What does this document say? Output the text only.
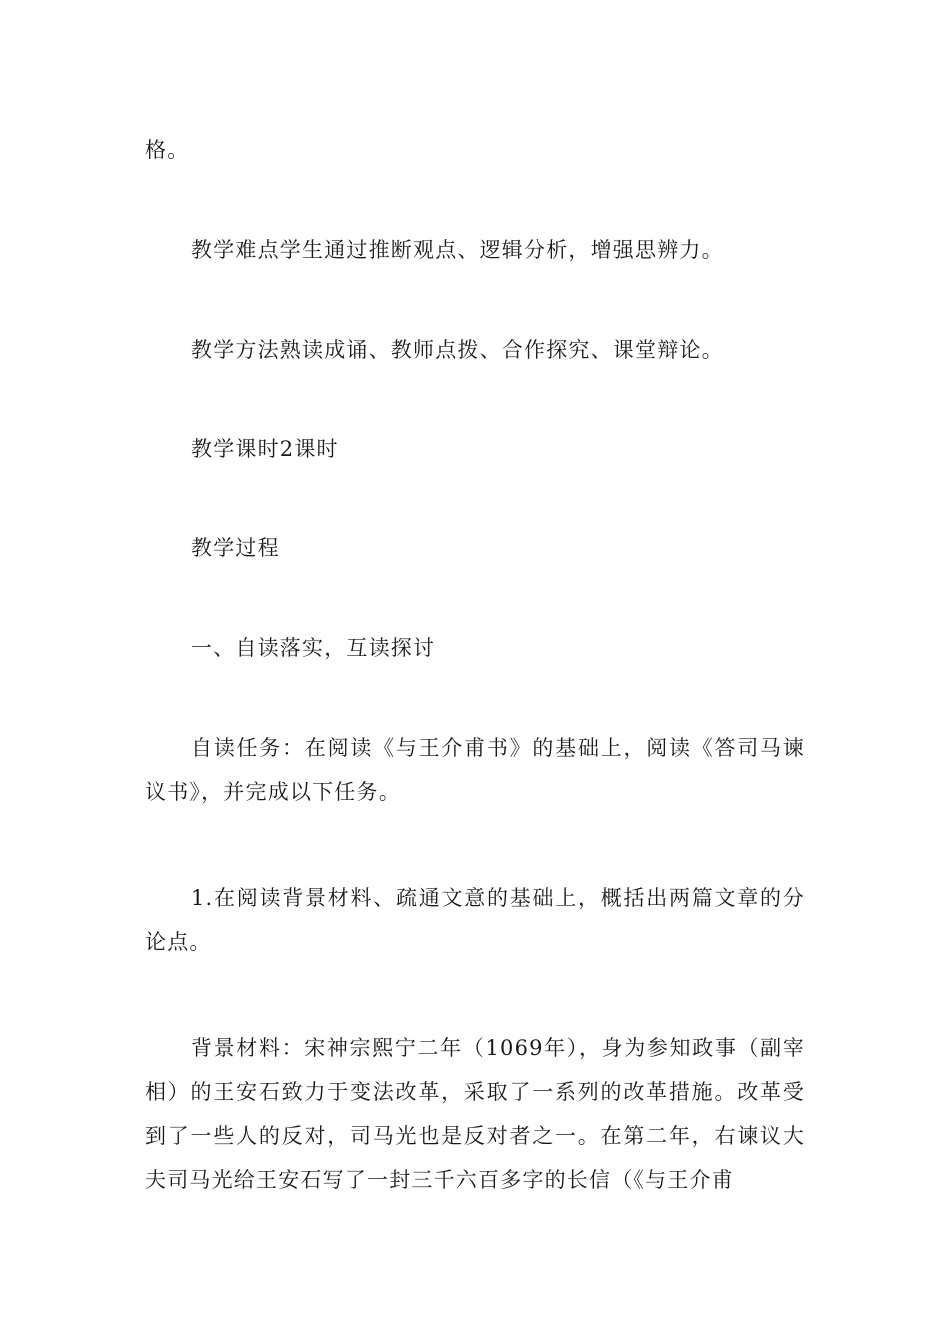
格。

教学难点学生通过推断观点、逻辑分析，增强思辨力。

教学方法熟读成诵、教师点拨、合作探究、课堂辩论。

教学课时2课时

教学过程

一、自读落实，互读探讨

自读任务：在阅读《与王介甫书》的基础上，阅读《答司马谏议书》，并完成以下任务。

1.在阅读背景材料、疏通文意的基础上，概括出两篇文章的分论点。

背景材料：宋神宗熙宁二年（1069年），身为参知政事（副宰相）的王安石致力于变法改革，采取了一系列的改革措施。改革受到了一些人的反对，司马光也是反对者之一。在第二年，右谏议大夫司马光给王安石写了一封三千六百多字的长信（《与王介甫
